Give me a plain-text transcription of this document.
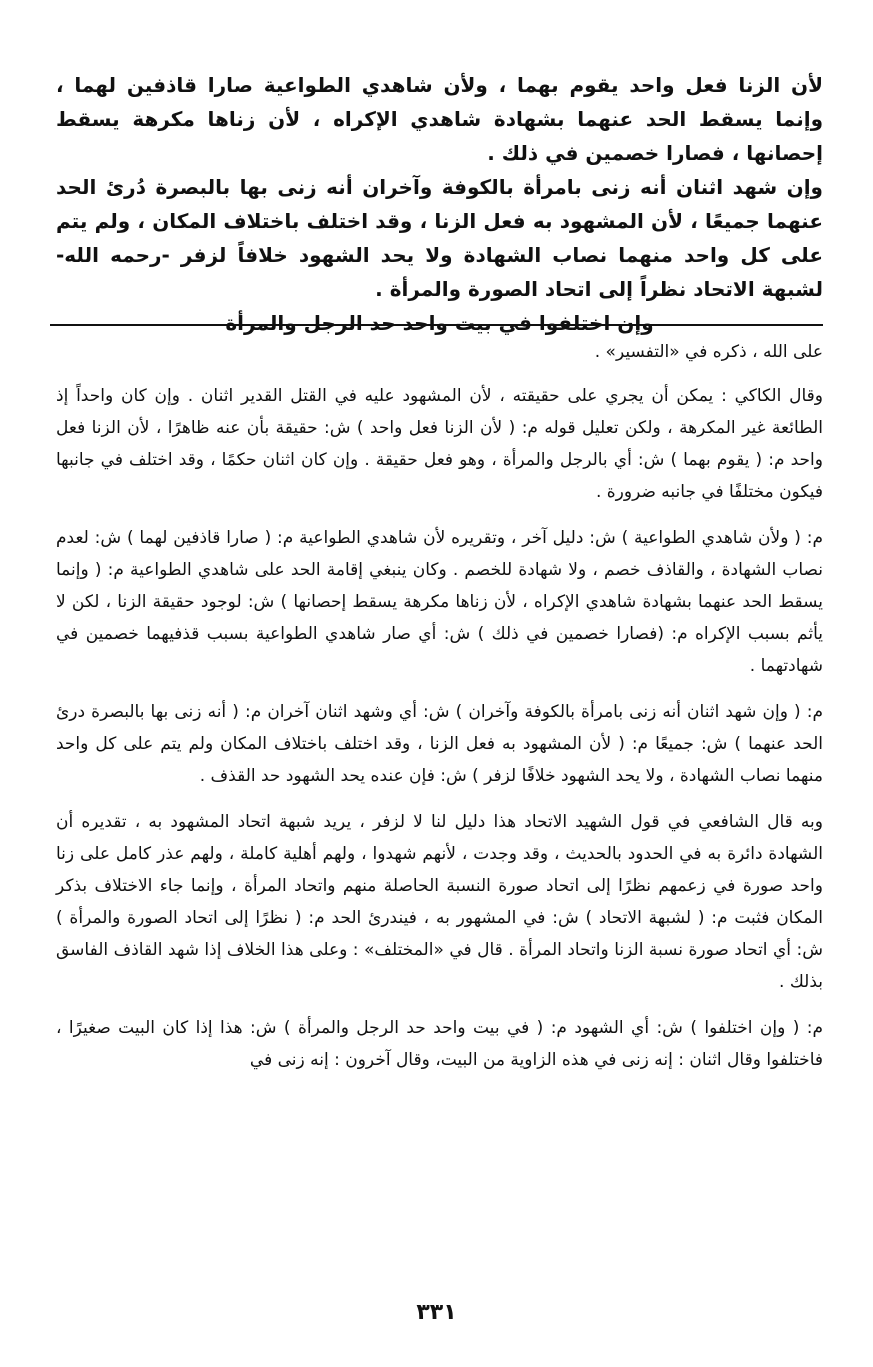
لأن الزنا فعل واحد يقوم بهما ، ولأن شاهدي الطواعية صارا قاذفين لهما ، وإنما يسقط الحد عنهما بشهادة شاهدي الإكراه ، لأن زناها مكرهة يسقط إحصانها ، فصارا خصمين في ذلك .

وإن شهد اثنان أنه زنى بامرأة بالكوفة وآخران أنه زنى بها بالبصرة دُرئ الحد عنهما جميعًا ، لأن المشهود به فعل الزنا ، وقد اختلف باختلاف المكان ، ولم يتم على كل واحد منهما نصاب الشهادة ولا يحد الشهود خلافاً لزفر -رحمه الله- لشبهة الاتحاد نظراً إلى اتحاد الصورة والمرأة .

وإن اختلفوا في بيت واحد حد الرجل والمرأة

على الله ، ذكره في «التفسير» .

وقال الكاكي : يمكن أن يجري على حقيقته ، لأن المشهود عليه في القتل القدير اثنان . وإن كان واحداً إذ الطائعة غير المكرهة ، ولكن تعليل قوله م: ( لأن الزنا فعل واحد ) ش: حقيقة بأن عنه ظاهرًا ، لأن الزنا فعل واحد م: ( يقوم بهما ) ش: أي بالرجل والمرأة ، وهو فعل حقيقة . وإن كان اثنان حكمًا ، وقد اختلف في جانبها فيكون مختلفًا في جانبه ضرورة .

م: ( ولأن شاهدي الطواعية ) ش: دليل آخر ، وتقريره لأن شاهدي الطواعية م: ( صارا قاذفين لهما ) ش: لعدم نصاب الشهادة ، والقاذف خصم ، ولا شهادة للخصم . وكان ينبغي إقامة الحد على شاهدي الطواعية م: ( وإنما يسقط الحد عنهما بشهادة شاهدي الإكراه ، لأن زناها مكرهة يسقط إحصانها ) ش: لوجود حقيقة الزنا ، لكن لا يأثم بسبب الإكراه م: (فصارا خصمين في ذلك ) ش: أي صار شاهدي الطواعية بسبب قذفيهما خصمين في شهادتهما .

م: ( وإن شهد اثنان أنه زنى بامرأة بالكوفة وآخران ) ش: أي وشهد اثنان آخران م: ( أنه زنى بها بالبصرة درئ الحد عنهما ) ش: جميعًا م: ( لأن المشهود به فعل الزنا ، وقد اختلف باختلاف المكان ولم يتم على كل واحد منهما نصاب الشهادة ، ولا يحد الشهود خلافًا لزفر ) ش: فإن عنده يحد الشهود حد القذف .

وبه قال الشافعي في قول الشهيد الاتحاد هذا دليل لنا لا لزفر ، يريد شبهة اتحاد المشهود به ، تقديره أن الشهادة دائرة به في الحدود بالحديث ، وقد وجدت ، لأنهم شهدوا ، ولهم أهلية كاملة ، ولهم عذر كامل على زنا واحد صورة في زعمهم نظرًا إلى اتحاد صورة النسبة الحاصلة منهم واتحاد المرأة ، وإنما جاء الاختلاف بذكر المكان فثبت م: ( لشبهة الاتحاد ) ش: في المشهور به ، فيندرئ الحد م: ( نظرًا إلى اتحاد الصورة والمرأة ) ش: أي اتحاد صورة نسبة الزنا واتحاد المرأة . قال في «المختلف» : وعلى هذا الخلاف إذا شهد القاذف الفاسق بذلك .

م: ( وإن اختلفوا ) ش: أي الشهود م: ( في بيت واحد حد الرجل والمرأة ) ش: هذا إذا كان البيت صغيرًا ، فاختلفوا وقال اثنان : إنه زنى في هذه الزاوية من البيت، وقال آخرون : إنه زنى في

٣٣١
